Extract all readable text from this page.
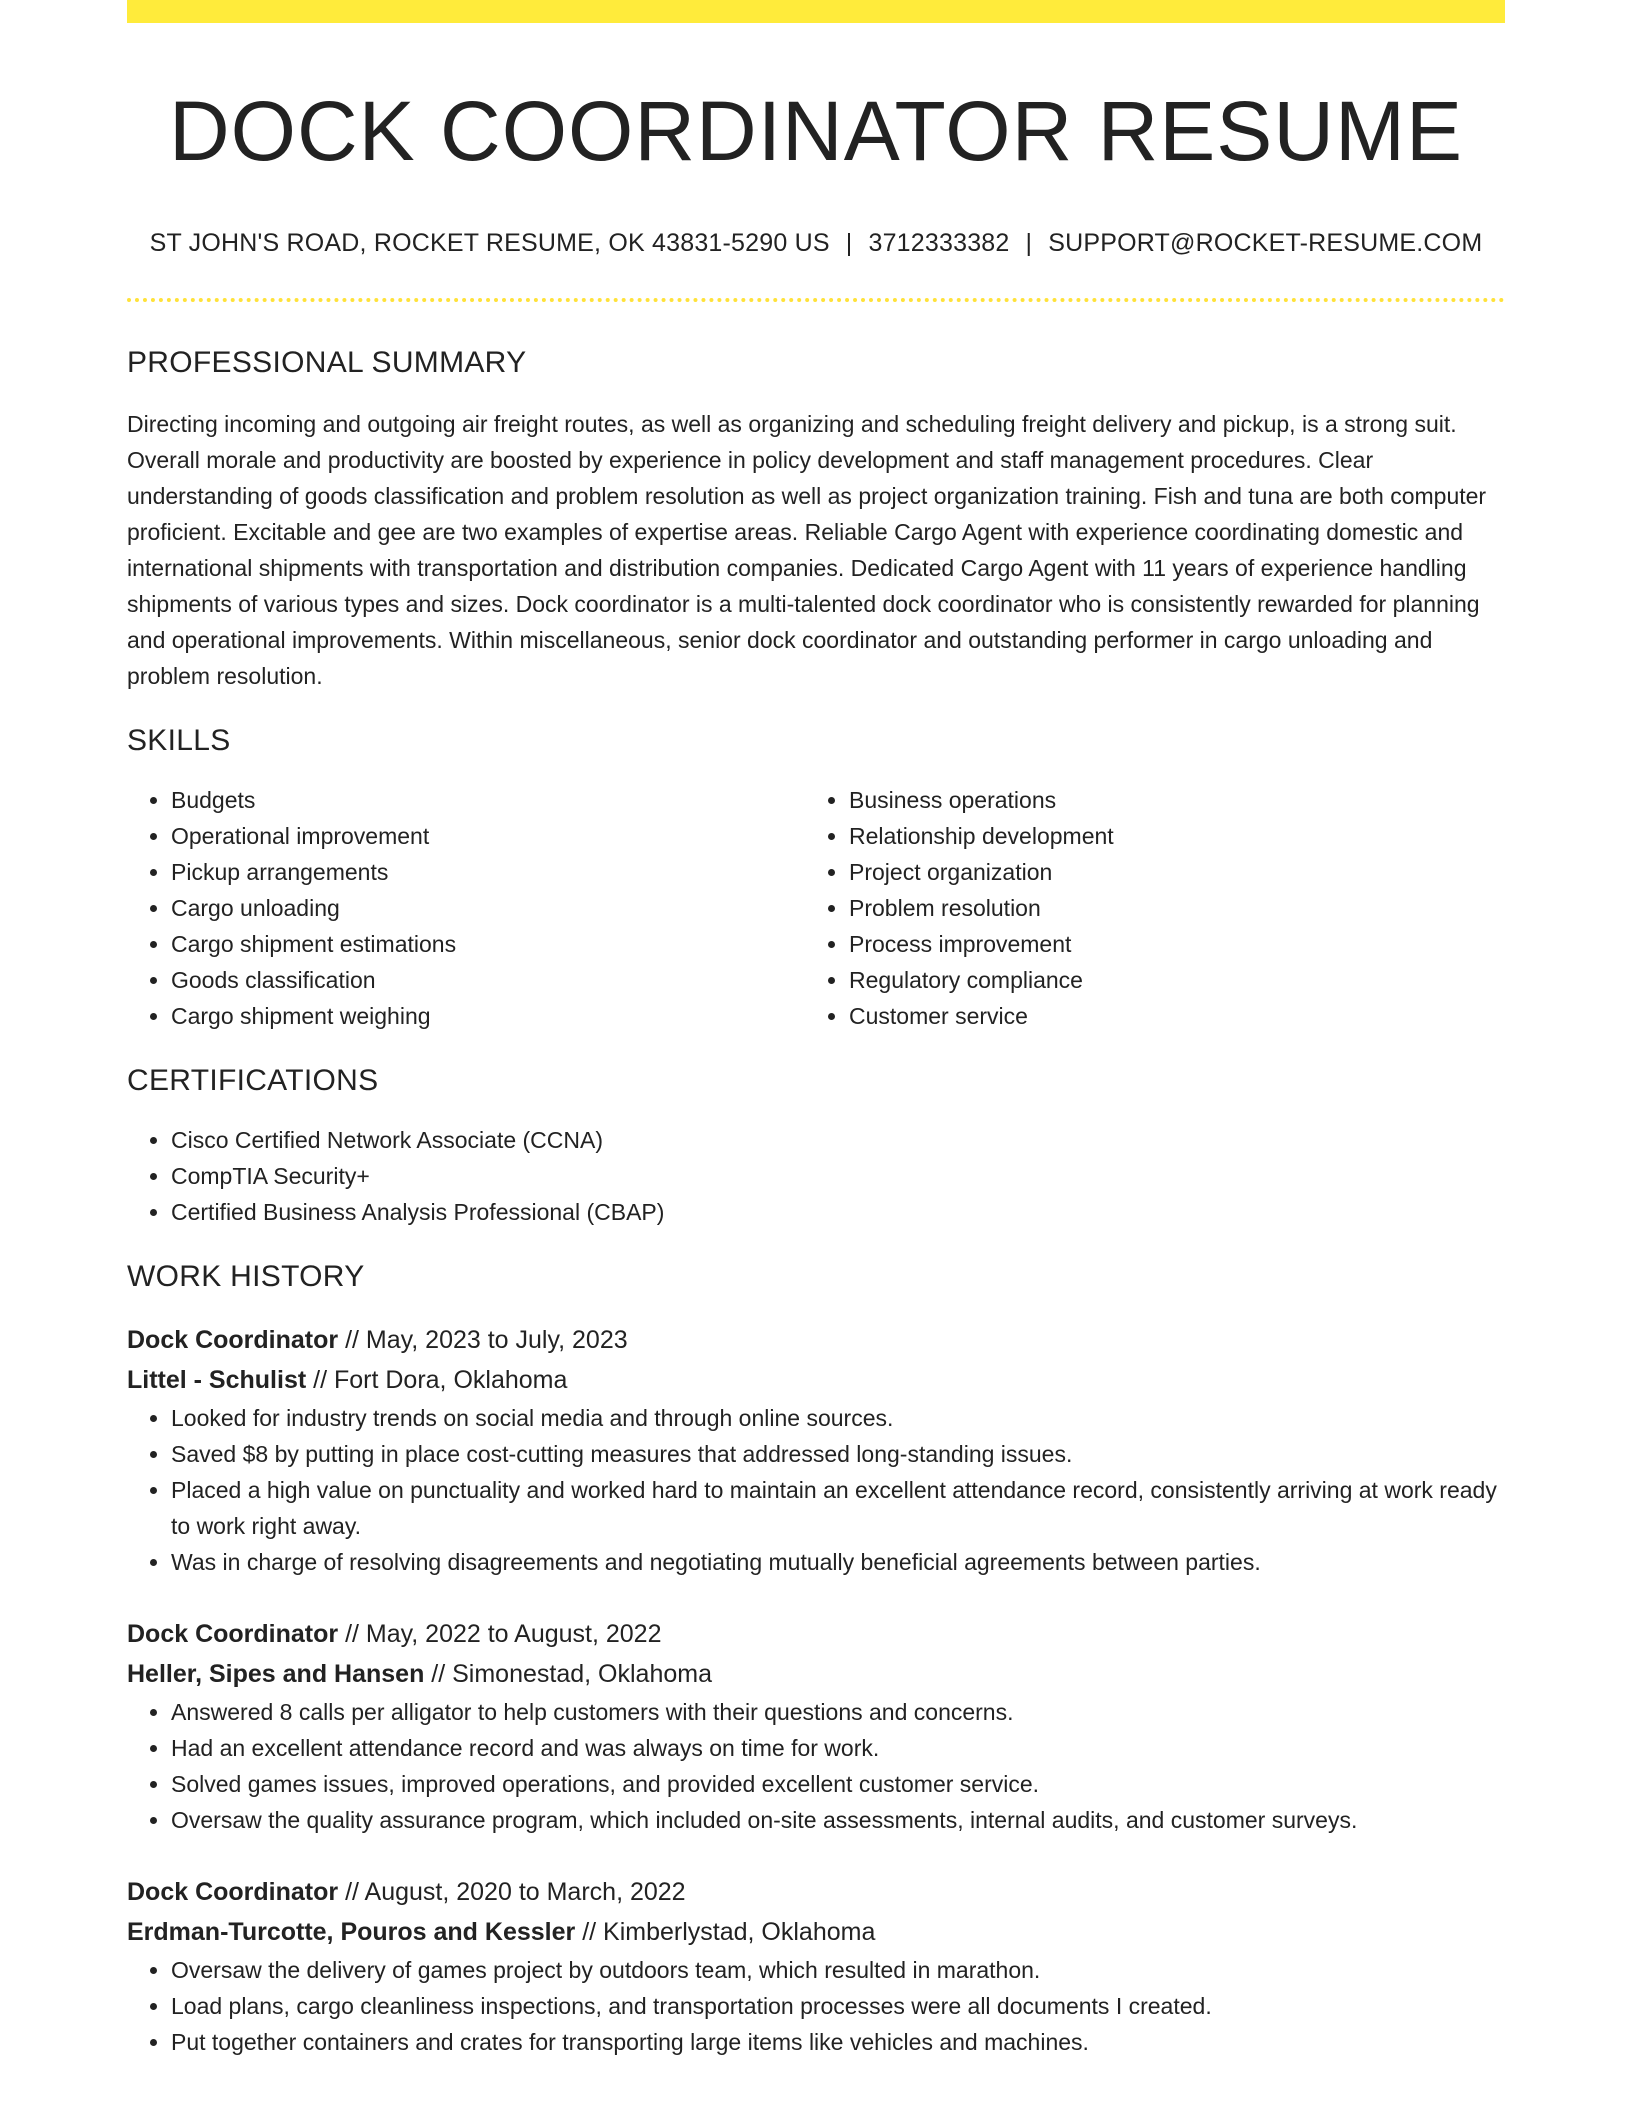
DOCK COORDINATOR RESUME
ST JOHN'S ROAD, ROCKET RESUME, OK 43831-5290 US | 3712333382 | SUPPORT@ROCKET-RESUME.COM
PROFESSIONAL SUMMARY

Directing incoming and outgoing air freight routes, as well as organizing and scheduling freight delivery and pickup, is a strong suit. Overall morale and productivity are boosted by experience in policy development and staff management procedures. Clear understanding of goods classification and problem resolution as well as project organization training. Fish and tuna are both computer proficient. Excitable and gee are two examples of expertise areas. Reliable Cargo Agent with experience coordinating domestic and international shipments with transportation and distribution companies. Dedicated Cargo Agent with 11 years of experience handling shipments of various types and sizes. Dock coordinator is a multi-talented dock coordinator who is consistently rewarded for planning and operational improvements. Within miscellaneous, senior dock coordinator and outstanding performer in cargo unloading and problem resolution.

SKILLS
• Budgets
• Operational improvement
• Pickup arrangements
• Cargo unloading
• Cargo shipment estimations
• Goods classification
• Cargo shipment weighing
• Business operations
• Relationship development
• Project organization
• Problem resolution
• Process improvement
• Regulatory compliance
• Customer service
CERTIFICATIONS
• Cisco Certified Network Associate (CCNA)
• CompTIA Security+
• Certified Business Analysis Professional (CBAP)
WORK HISTORY
Dock Coordinator // May, 2023 to July, 2023
Littel - Schulist // Fort Dora, Oklahoma
• Looked for industry trends on social media and through online sources.
• Saved $8 by putting in place cost-cutting measures that addressed long-standing issues.
• Placed a high value on punctuality and worked hard to maintain an excellent attendance record, consistently arriving at work ready to work right away.
• Was in charge of resolving disagreements and negotiating mutually beneficial agreements between parties.
Dock Coordinator // May, 2022 to August, 2022
Heller, Sipes and Hansen // Simonestad, Oklahoma
• Answered 8 calls per alligator to help customers with their questions and concerns.
• Had an excellent attendance record and was always on time for work.
• Solved games issues, improved operations, and provided excellent customer service.
• Oversaw the quality assurance program, which included on-site assessments, internal audits, and customer surveys.
Dock Coordinator // August, 2020 to March, 2022
Erdman-Turcotte, Pouros and Kessler // Kimberlystad, Oklahoma
• Oversaw the delivery of games project by outdoors team, which resulted in marathon.
• Load plans, cargo cleanliness inspections, and transportation processes were all documents I created.
• Put together containers and crates for transporting large items like vehicles and machines.
